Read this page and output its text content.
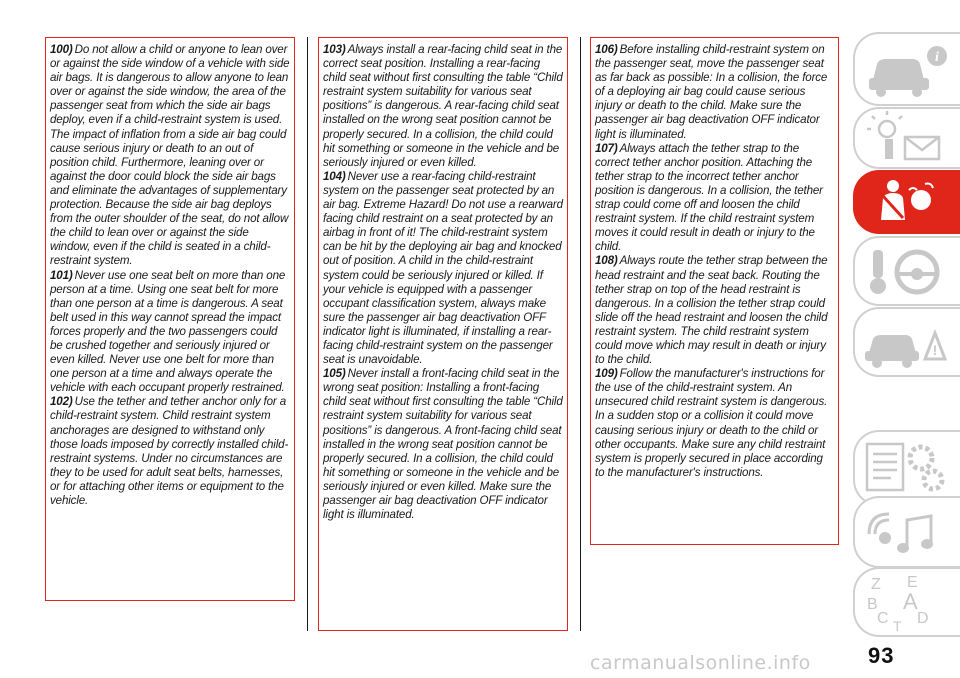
100) Do not allow a child or anyone to lean over or against the side window of a vehicle with side air bags. It is dangerous to allow anyone to lean over or against the side window, the area of the passenger seat from which the side air bags deploy, even if a child-restraint system is used. The impact of inflation from a side air bag could cause serious injury or death to an out of position child. Furthermore, leaning over or against the door could block the side air bags and eliminate the advantages of supplementary protection. Because the side air bag deploys from the outer shoulder of the seat, do not allow the child to lean over or against the side window, even if the child is seated in a child-restraint system.

101) Never use one seat belt on more than one person at a time. Using one seat belt for more than one person at a time is dangerous. A seat belt used in this way cannot spread the impact forces properly and the two passengers could be crushed together and seriously injured or even killed. Never use one belt for more than one person at a time and always operate the vehicle with each occupant properly restrained.

102) Use the tether and tether anchor only for a child-restraint system. Child restraint system anchorages are designed to withstand only those loads imposed by correctly installed child-restraint systems. Under no circumstances are they to be used for adult seat belts, harnesses, or for attaching other items or equipment to the vehicle.

103) Always install a rear-facing child seat in the correct seat position. Installing a rear-facing child seat without first consulting the table “Child restraint system suitability for various seat positions” is dangerous. A rear-facing child seat installed on the wrong seat position cannot be properly secured. In a collision, the child could hit something or someone in the vehicle and be seriously injured or even killed.

104) Never use a rear-facing child-restraint system on the passenger seat protected by an air bag. Extreme Hazard! Do not use a rearward facing child restraint on a seat protected by an airbag in front of it! The child-restraint system can be hit by the deploying air bag and knocked out of position. A child in the child-restraint system could be seriously injured or killed. If your vehicle is equipped with a passenger occupant classification system, always make sure the passenger air bag deactivation OFF indicator light is illuminated, if installing a rear-facing child-restraint system on the passenger seat is unavoidable.

105) Never install a front-facing child seat in the wrong seat position: Installing a front-facing child seat without first consulting the table “Child restraint system suitability for various seat positions” is dangerous. A front-facing child seat installed in the wrong seat position cannot be properly secured. In a collision, the child could hit something or someone in the vehicle and be seriously injured or even killed. Make sure the passenger air bag deactivation OFF indicator light is illuminated.

106) Before installing child-restraint system on the passenger seat, move the passenger seat as far back as possible: In a collision, the force of a deploying air bag could cause serious injury or death to the child. Make sure the passenger air bag deactivation OFF indicator light is illuminated.

107) Always attach the tether strap to the correct tether anchor position. Attaching the tether strap to the incorrect tether anchor position is dangerous. In a collision, the tether strap could come off and loosen the child restraint system. If the child restraint system moves it could result in death or injury to the child.

108) Always route the tether strap between the head restraint and the seat back. Routing the tether strap on top of the head restraint is dangerous. In a collision the tether strap could slide off the head restraint and loosen the child restraint system. The child restraint system could move which may result in death or injury to the child.

109) Follow the manufacturer's instructions for the use of the child-restraint system. An unsecured child restraint system is dangerous. In a sudden stop or a collision it could move causing serious injury or death to the child or other occupants. Make sure any child restraint system is properly secured in place according to the manufacturer's instructions.

i
!
Z E
B A
C D
T
93
carmanualsonline.info
